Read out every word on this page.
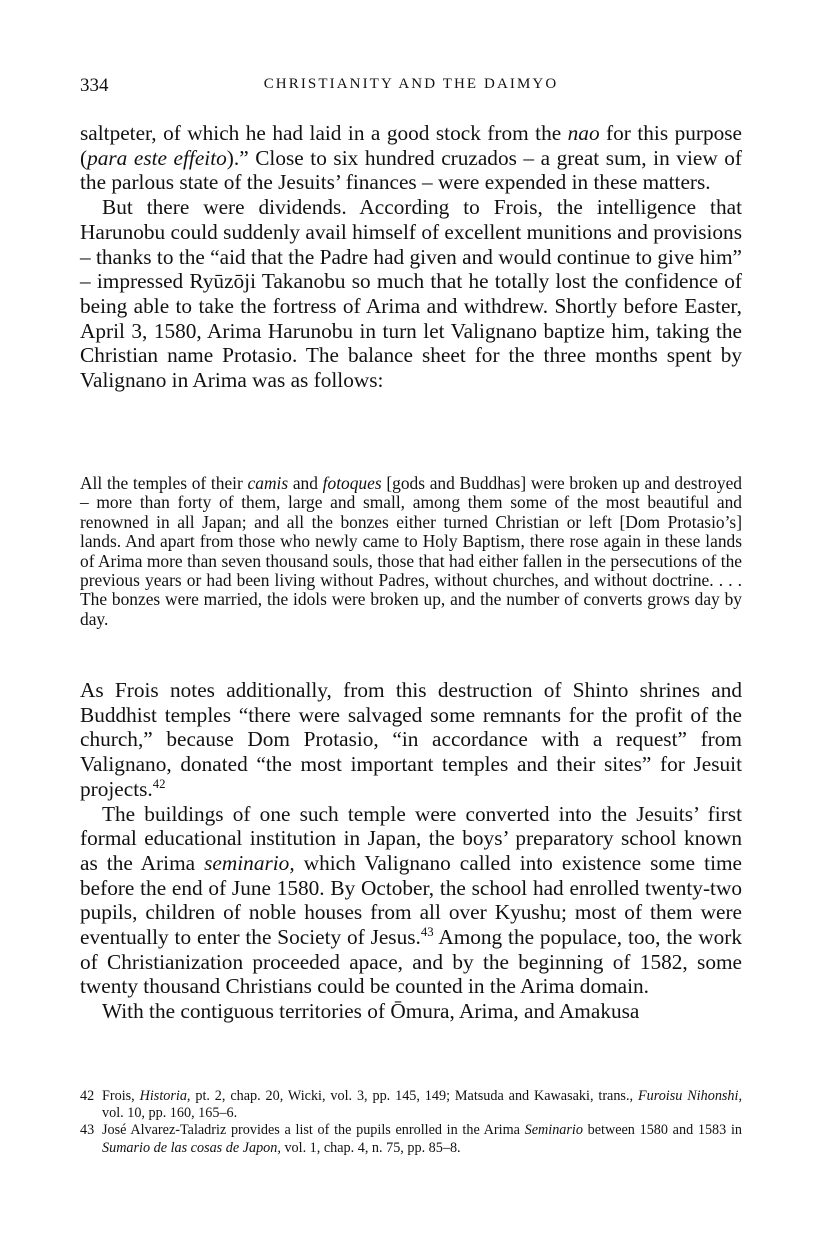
334	CHRISTIANITY AND THE DAIMYO

saltpeter, of which he had laid in a good stock from the nao for this purpose (para este effeito).” Close to six hundred cruzados – a great sum, in view of the parlous state of the Jesuits’ finances – were expended in these matters.

But there were dividends. According to Frois, the intelligence that Harunobu could suddenly avail himself of excellent munitions and provisions – thanks to the “aid that the Padre had given and would continue to give him” – impressed Ryūzōji Takanobu so much that he totally lost the confidence of being able to take the fortress of Arima and withdrew. Shortly before Easter, April 3, 1580, Arima Harunobu in turn let Valignano baptize him, taking the Christian name Protasio. The balance sheet for the three months spent by Valignano in Arima was as follows:

All the temples of their camis and fotoques [gods and Buddhas] were broken up and destroyed – more than forty of them, large and small, among them some of the most beautiful and renowned in all Japan; and all the bonzes either turned Christian or left [Dom Protasio’s] lands. And apart from those who newly came to Holy Baptism, there rose again in these lands of Arima more than seven thousand souls, those that had either fallen in the persecutions of the previous years or had been living without Padres, without churches, and without doctrine. . . . The bonzes were married, the idols were broken up, and the number of converts grows day by day.

As Frois notes additionally, from this destruction of Shinto shrines and Buddhist temples “there were salvaged some remnants for the profit of the church,” because Dom Protasio, “in accordance with a request” from Valignano, donated “the most important temples and their sites” for Jesuit projects.$^{42}$

The buildings of one such temple were converted into the Jesuits’ first formal educational institution in Japan, the boys’ preparatory school known as the Arima seminario, which Valignano called into existence some time before the end of June 1580. By October, the school had enrolled twenty-two pupils, children of noble houses from all over Kyushu; most of them were eventually to enter the Society of Jesus.$^{43}$ Among the populace, too, the work of Christianization proceeded apace, and by the beginning of 1582, some twenty thousand Christians could be counted in the Arima domain.

With the contiguous territories of Ōmura, Arima, and Amakusa

42 Frois, Historia, pt. 2, chap. 20, Wicki, vol. 3, pp. 145, 149; Matsuda and Kawasaki, trans., Furoisu Nihonshi, vol. 10, pp. 160, 165–6.

43 José Alvarez-Taladriz provides a list of the pupils enrolled in the Arima Seminario between 1580 and 1583 in Sumario de las cosas de Japon, vol. 1, chap. 4, n. 75, pp. 85–8.
